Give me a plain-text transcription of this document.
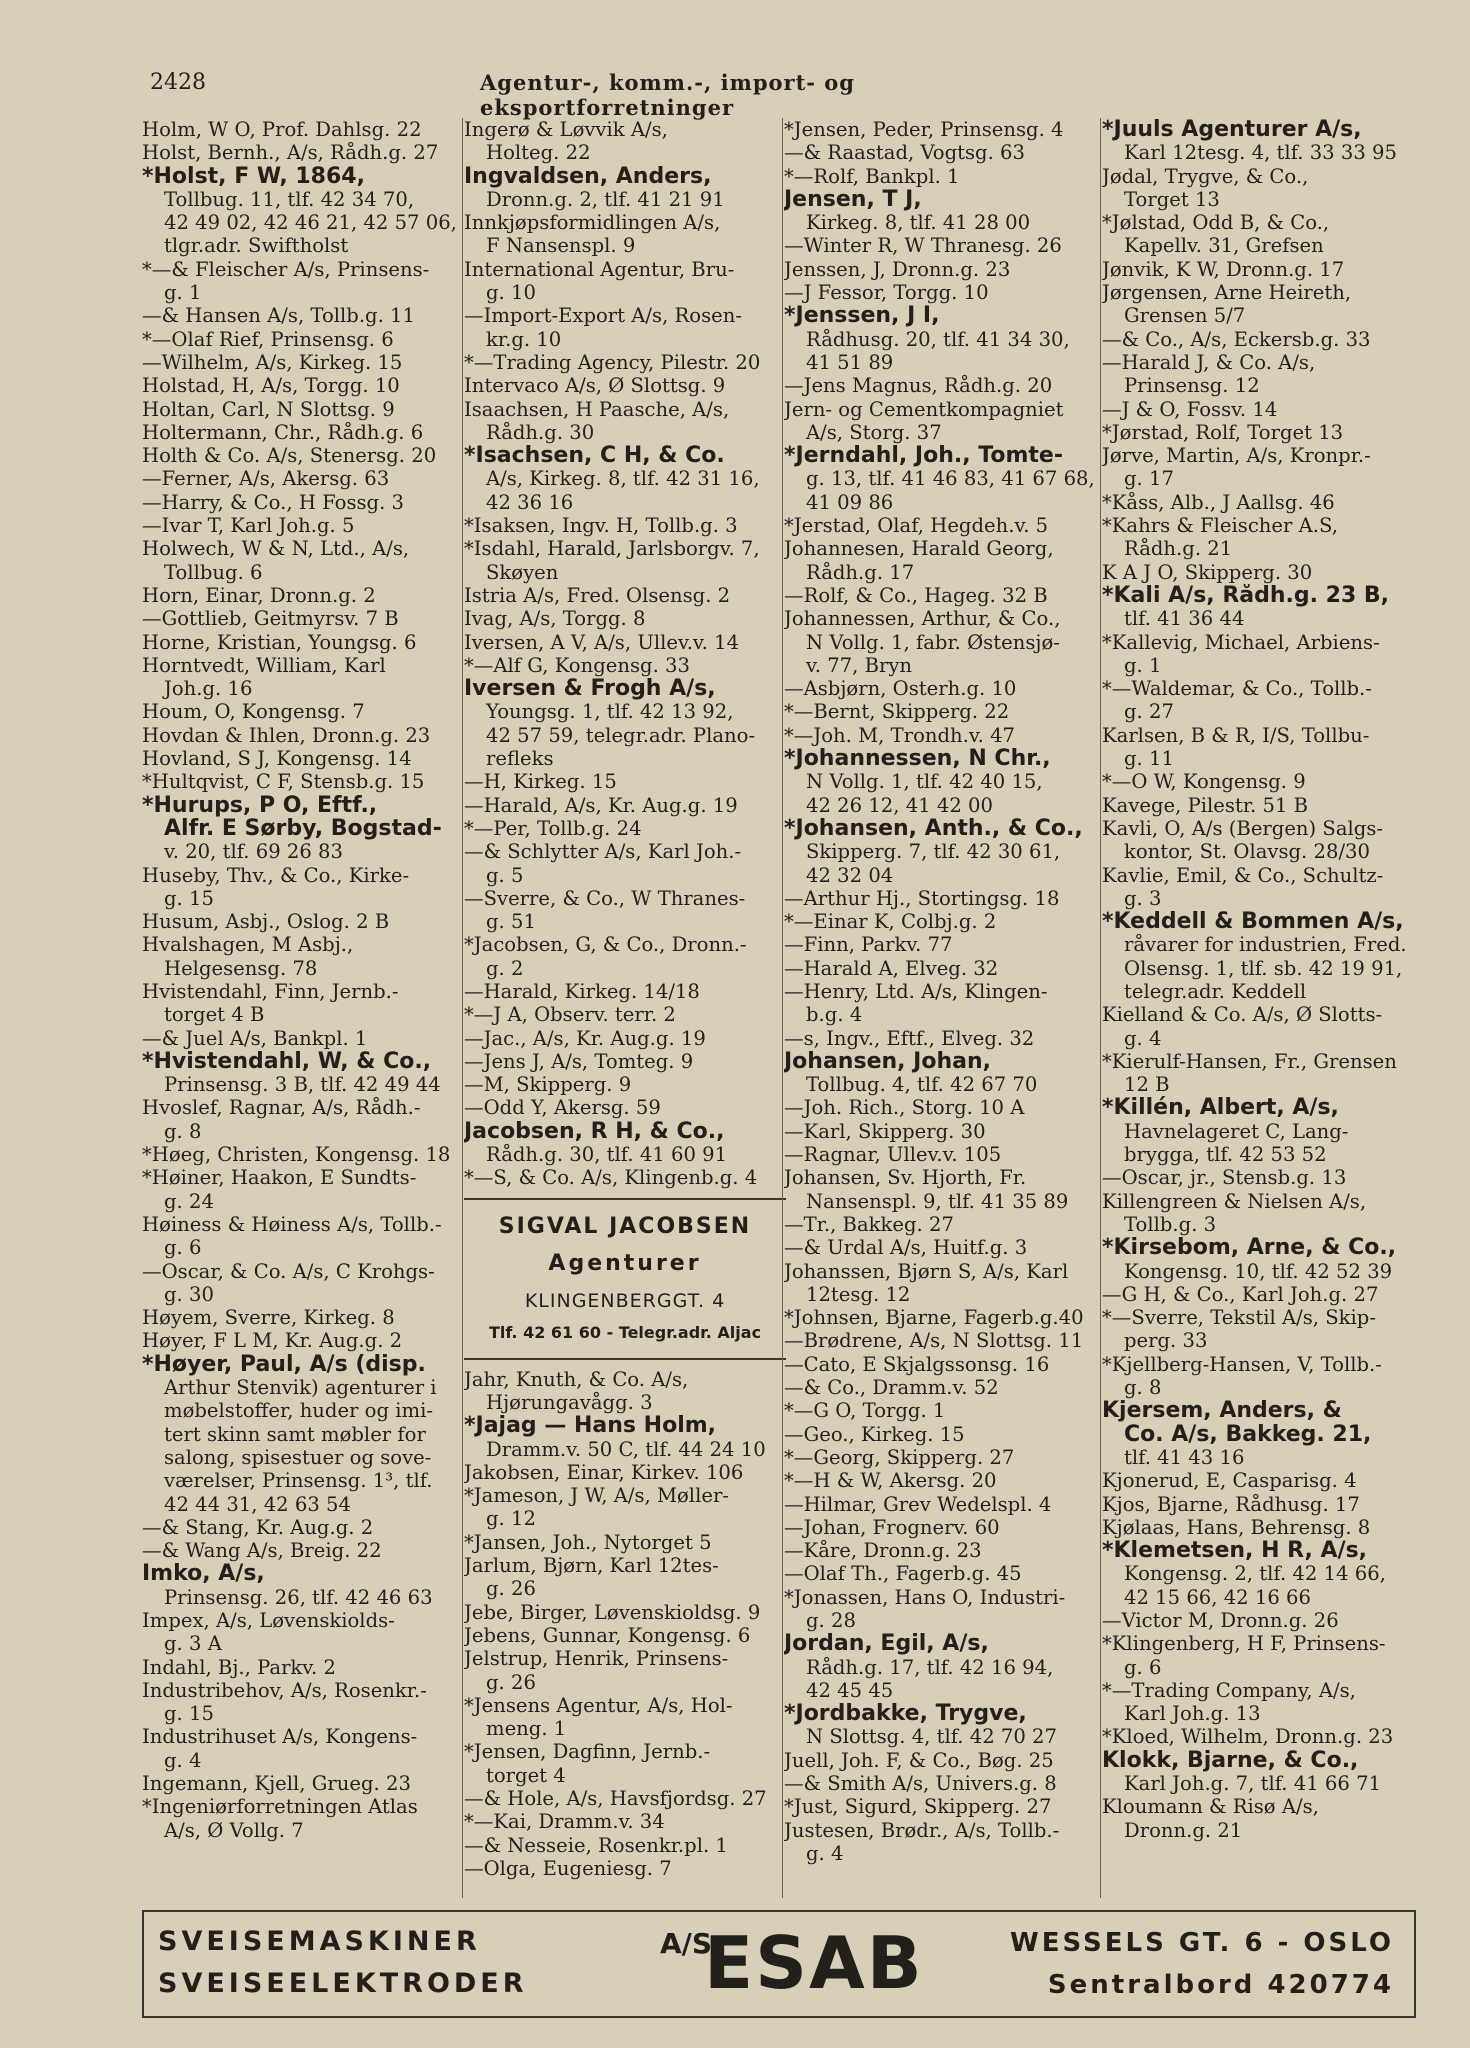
2428	Agentur-, komm.-, import- og eksportforretninger
Holm, W O, Prof. Dahlsg. 22
Holst, Bernh., A/s, Rådh.g. 27
*Holst, F W, 1864,
Tollbug. 11, tlf. 42 34 70,
42 49 02, 42 46 21, 42 57 06,
tlgr.adr. Swiftholst
*—& Fleischer A/s, Prinsens-
g. 1
—& Hansen A/s, Tollb.g. 11
*—Olaf Rief, Prinsensg. 6
—Wilhelm, A/s, Kirkeg. 15
Holstad, H, A/s, Torgg. 10
Holtan, Carl, N Slottsg. 9
Holtermann, Chr., Rådh.g. 6
Holth & Co. A/s, Stenersg. 20
—Ferner, A/s, Akersg. 63
—Harry, & Co., H Fossg. 3
—Ivar T, Karl Joh.g. 5
Holwech, W & N, Ltd., A/s,
Tollbug. 6
Horn, Einar, Dronn.g. 2
—Gottlieb, Geitmyrsv. 7 B
Horne, Kristian, Youngsg. 6
Horntvedt, William, Karl
Joh.g. 16
Houm, O, Kongensg. 7
Hovdan & Ihlen, Dronn.g. 23
Hovland, S J, Kongensg. 14
*Hultqvist, C F, Stensb.g. 15
*Hurups, P O, Eftf.,
Alfr. E Sørby, Bogstad-
v. 20, tlf. 69 26 83
Huseby, Thv., & Co., Kirke-
g. 15
Husum, Asbj., Oslog. 2 B
Hvalshagen, M Asbj.,
Helgesensg. 78
Hvistendahl, Finn, Jernb.-
torget 4 B
—& Juel A/s, Bankpl. 1
*Hvistendahl, W, & Co.,
Prinsensg. 3 B, tlf. 42 49 44
Hvoslef, Ragnar, A/s, Rådh.-
g. 8
*Høeg, Christen, Kongensg. 18
*Høiner, Haakon, E Sundts-
g. 24
Høiness & Høiness A/s, Tollb.-
g. 6
—Oscar, & Co. A/s, C Krohgs-
g. 30
Høyem, Sverre, Kirkeg. 8
Høyer, F L M, Kr. Aug.g. 2
*Høyer, Paul, A/s (disp.
Arthur Stenvik) agenturer i
møbelstoffer, huder og imi-
tert skinn samt møbler for
salong, spisestuer og sove-
værelser, Prinsensg. 1³, tlf.
42 44 31, 42 63 54
—& Stang, Kr. Aug.g. 2
—& Wang A/s, Breig. 22
Imko, A/s,
Prinsensg. 26, tlf. 42 46 63
Impex, A/s, Løvenskiolds-
g. 3 A
Indahl, Bj., Parkv. 2
Industribehov, A/s, Rosenkr.-
g. 15
Industrihuset A/s, Kongens-
g. 4
Ingemann, Kjell, Grueg. 23
*Ingeniørforretningen Atlas
A/s, Ø Vollg. 7
Ingerø & Løvvik A/s,
Holteg. 22
Ingvaldsen, Anders,
Dronn.g. 2, tlf. 41 21 91
Innkjøpsformidlingen A/s,
F Nansenspl. 9
International Agentur, Bru-
g. 10
—Import-Export A/s, Rosen-
kr.g. 10
*—Trading Agency, Pilestr. 20
Intervaco A/s, Ø Slottsg. 9
Isaachsen, H Paasche, A/s,
Rådh.g. 30
*Isachsen, C H, & Co.
A/s, Kirkeg. 8, tlf. 42 31 16,
42 36 16
*Isaksen, Ingv. H, Tollb.g. 3
*Isdahl, Harald, Jarlsborgv. 7,
Skøyen
Istria A/s, Fred. Olsensg. 2
Ivag, A/s, Torgg. 8
Iversen, A V, A/s, Ullev.v. 14
*—Alf G, Kongensg. 33
Iversen & Frogh A/s,
Youngsg. 1, tlf. 42 13 92,
42 57 59, telegr.adr. Plano-
refleks
—H, Kirkeg. 15
—Harald, A/s, Kr. Aug.g. 19
*—Per, Tollb.g. 24
—& Schlytter A/s, Karl Joh.-
g. 5
—Sverre, & Co., W Thranes-
g. 51
*Jacobsen, G, & Co., Dronn.-
g. 2
—Harald, Kirkeg. 14/18
*—J A, Observ. terr. 2
—Jac., A/s, Kr. Aug.g. 19
—Jens J, A/s, Tomteg. 9
—M, Skipperg. 9
—Odd Y, Akersg. 59
Jacobsen, R H, & Co.,
Rådh.g. 30, tlf. 41 60 91
*—S, & Co. A/s, Klingenb.g. 4
SIGVAL JACOBSEN
Agenturer
KLINGENBERGGT. 4
Tlf. 42 61 60 - Telegr.adr. Aljac
Jahr, Knuth, & Co. A/s,
Hjørungavågg. 3
*Jajag — Hans Holm,
Dramm.v. 50 C, tlf. 44 24 10
Jakobsen, Einar, Kirkev. 106
*Jameson, J W, A/s, Møller-
g. 12
*Jansen, Joh., Nytorget 5
Jarlum, Bjørn, Karl 12tes-
g. 26
Jebe, Birger, Løvenskioldsg. 9
Jebens, Gunnar, Kongensg. 6
Jelstrup, Henrik, Prinsens-
g. 26
*Jensens Agentur, A/s, Hol-
meng. 1
*Jensen, Dagfinn, Jernb.-
torget 4
—& Hole, A/s, Havsfjordsg. 27
*—Kai, Dramm.v. 34
—& Nesseie, Rosenkr.pl. 1
—Olga, Eugeniesg. 7
*Jensen, Peder, Prinsensg. 4
—& Raastad, Vogtsg. 63
*—Rolf, Bankpl. 1
Jensen, T J,
Kirkeg. 8, tlf. 41 28 00
—Winter R, W Thranesg. 26
Jenssen, J, Dronn.g. 23
—J Fessor, Torgg. 10
*Jenssen, J I,
Rådhusg. 20, tlf. 41 34 30,
41 51 89
—Jens Magnus, Rådh.g. 20
Jern- og Cementkompagniet
A/s, Storg. 37
*Jerndahl, Joh., Tomte-
g. 13, tlf. 41 46 83, 41 67 68,
41 09 86
*Jerstad, Olaf, Hegdeh.v. 5
Johannesen, Harald Georg,
Rådh.g. 17
—Rolf, & Co., Hageg. 32 B
Johannessen, Arthur, & Co.,
N Vollg. 1, fabr. Østensjø-
v. 77, Bryn
—Asbjørn, Osterh.g. 10
*—Bernt, Skipperg. 22
*—Joh. M, Trondh.v. 47
*Johannessen, N Chr.,
N Vollg. 1, tlf. 42 40 15,
42 26 12, 41 42 00
*Johansen, Anth., & Co.,
Skipperg. 7, tlf. 42 30 61,
42 32 04
—Arthur Hj., Stortingsg. 18
*—Einar K, Colbj.g. 2
—Finn, Parkv. 77
—Harald A, Elveg. 32
—Henry, Ltd. A/s, Klingen-
b.g. 4
—s, Ingv., Eftf., Elveg. 32
Johansen, Johan,
Tollbug. 4, tlf. 42 67 70
—Joh. Rich., Storg. 10 A
—Karl, Skipperg. 30
—Ragnar, Ullev.v. 105
Johansen, Sv. Hjorth, Fr.
Nansenspl. 9, tlf. 41 35 89
—Tr., Bakkeg. 27
—& Urdal A/s, Huitf.g. 3
Johanssen, Bjørn S, A/s, Karl
12tesg. 12
*Johnsen, Bjarne, Fagerb.g.40
—Brødrene, A/s, N Slottsg. 11
—Cato, E Skjalgssonsg. 16
—& Co., Dramm.v. 52
*—G O, Torgg. 1
—Geo., Kirkeg. 15
*—Georg, Skipperg. 27
*—H & W, Akersg. 20
—Hilmar, Grev Wedelspl. 4
—Johan, Frognerv. 60
—Kåre, Dronn.g. 23
—Olaf Th., Fagerb.g. 45
*Jonassen, Hans O, Industri-
g. 28
Jordan, Egil, A/s,
Rådh.g. 17, tlf. 42 16 94,
42 45 45
*Jordbakke, Trygve,
N Slottsg. 4, tlf. 42 70 27
Juell, Joh. F, & Co., Bøg. 25
—& Smith A/s, Univers.g. 8
*Just, Sigurd, Skipperg. 27
Justesen, Brødr., A/s, Tollb.-
g. 4
*Juuls Agenturer A/s,
Karl 12tesg. 4, tlf. 33 33 95
Jødal, Trygve, & Co.,
Torget 13
*Jølstad, Odd B, & Co.,
Kapellv. 31, Grefsen
Jønvik, K W, Dronn.g. 17
Jørgensen, Arne Heireth,
Grensen 5/7
—& Co., A/s, Eckersb.g. 33
—Harald J, & Co. A/s,
Prinsensg. 12
—J & O, Fossv. 14
*Jørstad, Rolf, Torget 13
Jørve, Martin, A/s, Kronpr.-
g. 17
*Kåss, Alb., J Aallsg. 46
*Kahrs & Fleischer A.S,
Rådh.g. 21
K A J O, Skipperg. 30
*Kali A/s, Rådh.g. 23 B,
tlf. 41 36 44
*Kallevig, Michael, Arbiens-
g. 1
*—Waldemar, & Co., Tollb.-
g. 27
Karlsen, B & R, I/S, Tollbu-
g. 11
*—O W, Kongensg. 9
Kavege, Pilestr. 51 B
Kavli, O, A/s (Bergen) Salgs-
kontor, St. Olavsg. 28/30
Kavlie, Emil, & Co., Schultz-
g. 3
*Keddell & Bommen A/s,
råvarer for industrien, Fred.
Olsensg. 1, tlf. sb. 42 19 91,
telegr.adr. Keddell
Kielland & Co. A/s, Ø Slotts-
g. 4
*Kierulf-Hansen, Fr., Grensen
12 B
*Killén, Albert, A/s,
Havnelageret C, Lang-
brygga, tlf. 42 53 52
—Oscar, jr., Stensb.g. 13
Killengreen & Nielsen A/s,
Tollb.g. 3
*Kirsebom, Arne, & Co.,
Kongensg. 10, tlf. 42 52 39
—G H, & Co., Karl Joh.g. 27
*—Sverre, Tekstil A/s, Skip-
perg. 33
*Kjellberg-Hansen, V, Tollb.-
g. 8
Kjersem, Anders, &
Co. A/s, Bakkeg. 21,
tlf. 41 43 16
Kjonerud, E, Casparisg. 4
Kjos, Bjarne, Rådhusg. 17
Kjølaas, Hans, Behrensg. 8
*Klemetsen, H R, A/s,
Kongensg. 2, tlf. 42 14 66,
42 15 66, 42 16 66
—Victor M, Dronn.g. 26
*Klingenberg, H F, Prinsens-
g. 6
*—Trading Company, A/s,
Karl Joh.g. 13
*Kloed, Wilhelm, Dronn.g. 23
Klokk, Bjarne, & Co.,
Karl Joh.g. 7, tlf. 41 66 71
Kloumann & Risø A/s,
Dronn.g. 21
SVEISEMASKINER
SVEISEELEKTRODER
A/S
ESAB	WESSELS GT. 6 - OSLO
Sentralbord 420774
